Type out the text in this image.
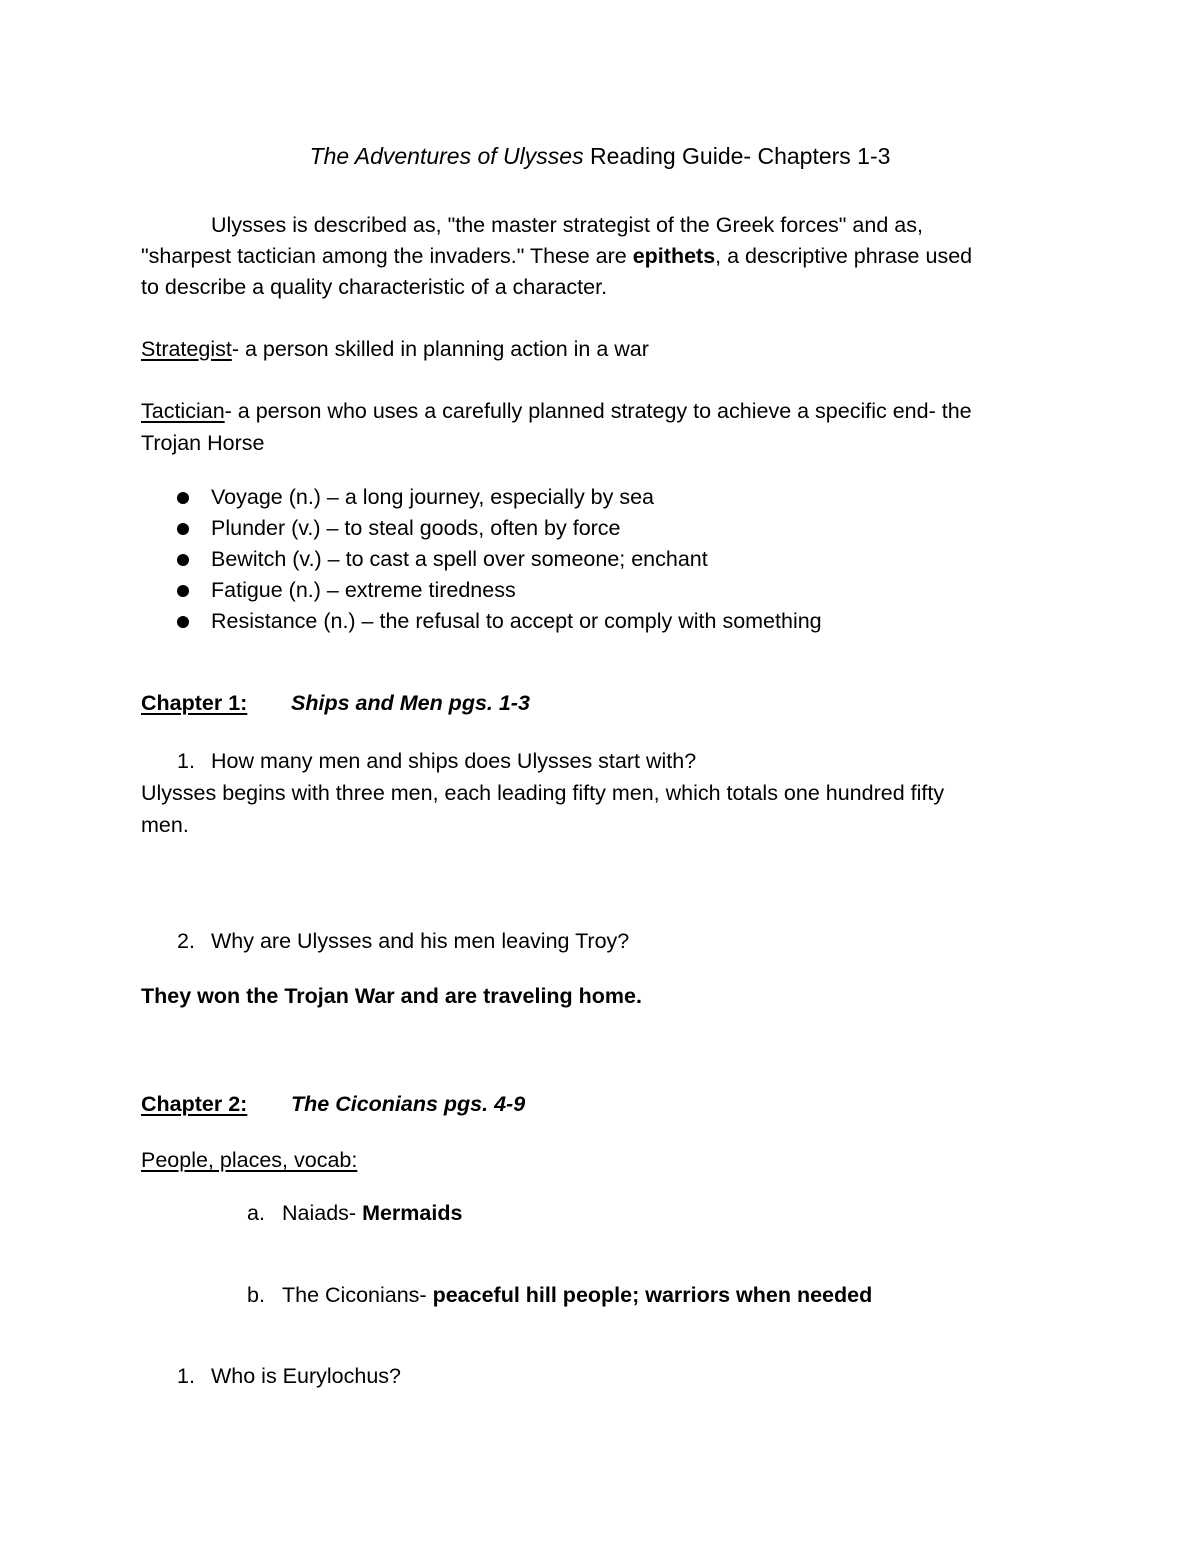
The Adventures of Ulysses Reading Guide- Chapters 1-3
Ulysses is described as, "the master strategist of the Greek forces" and as,
"sharpest tactician among the invaders." These are epithets, a descriptive phrase used
to describe a quality characteristic of a character.
Strategist- a person skilled in planning action in a war
Tactician- a person who uses a carefully planned strategy to achieve a specific end- the
Trojan Horse
Voyage (n.) – a long journey, especially by sea
Plunder (v.) – to steal goods, often by force
Bewitch (v.) – to cast a spell over someone; enchant
Fatigue (n.) – extreme tiredness
Resistance (n.) – the refusal to accept or comply with something
Chapter 1: Ships and Men pgs. 1-3
1. How many men and ships does Ulysses start with?
Ulysses begins with three men, each leading fifty men, which totals one hundred fifty
men.
2. Why are Ulysses and his men leaving Troy?
They won the Trojan War and are traveling home.
Chapter 2: The Ciconians pgs. 4-9
People, places, vocab:
a. Naiads- Mermaids
b. The Ciconians- peaceful hill people; warriors when needed
1. Who is Eurylochus?
